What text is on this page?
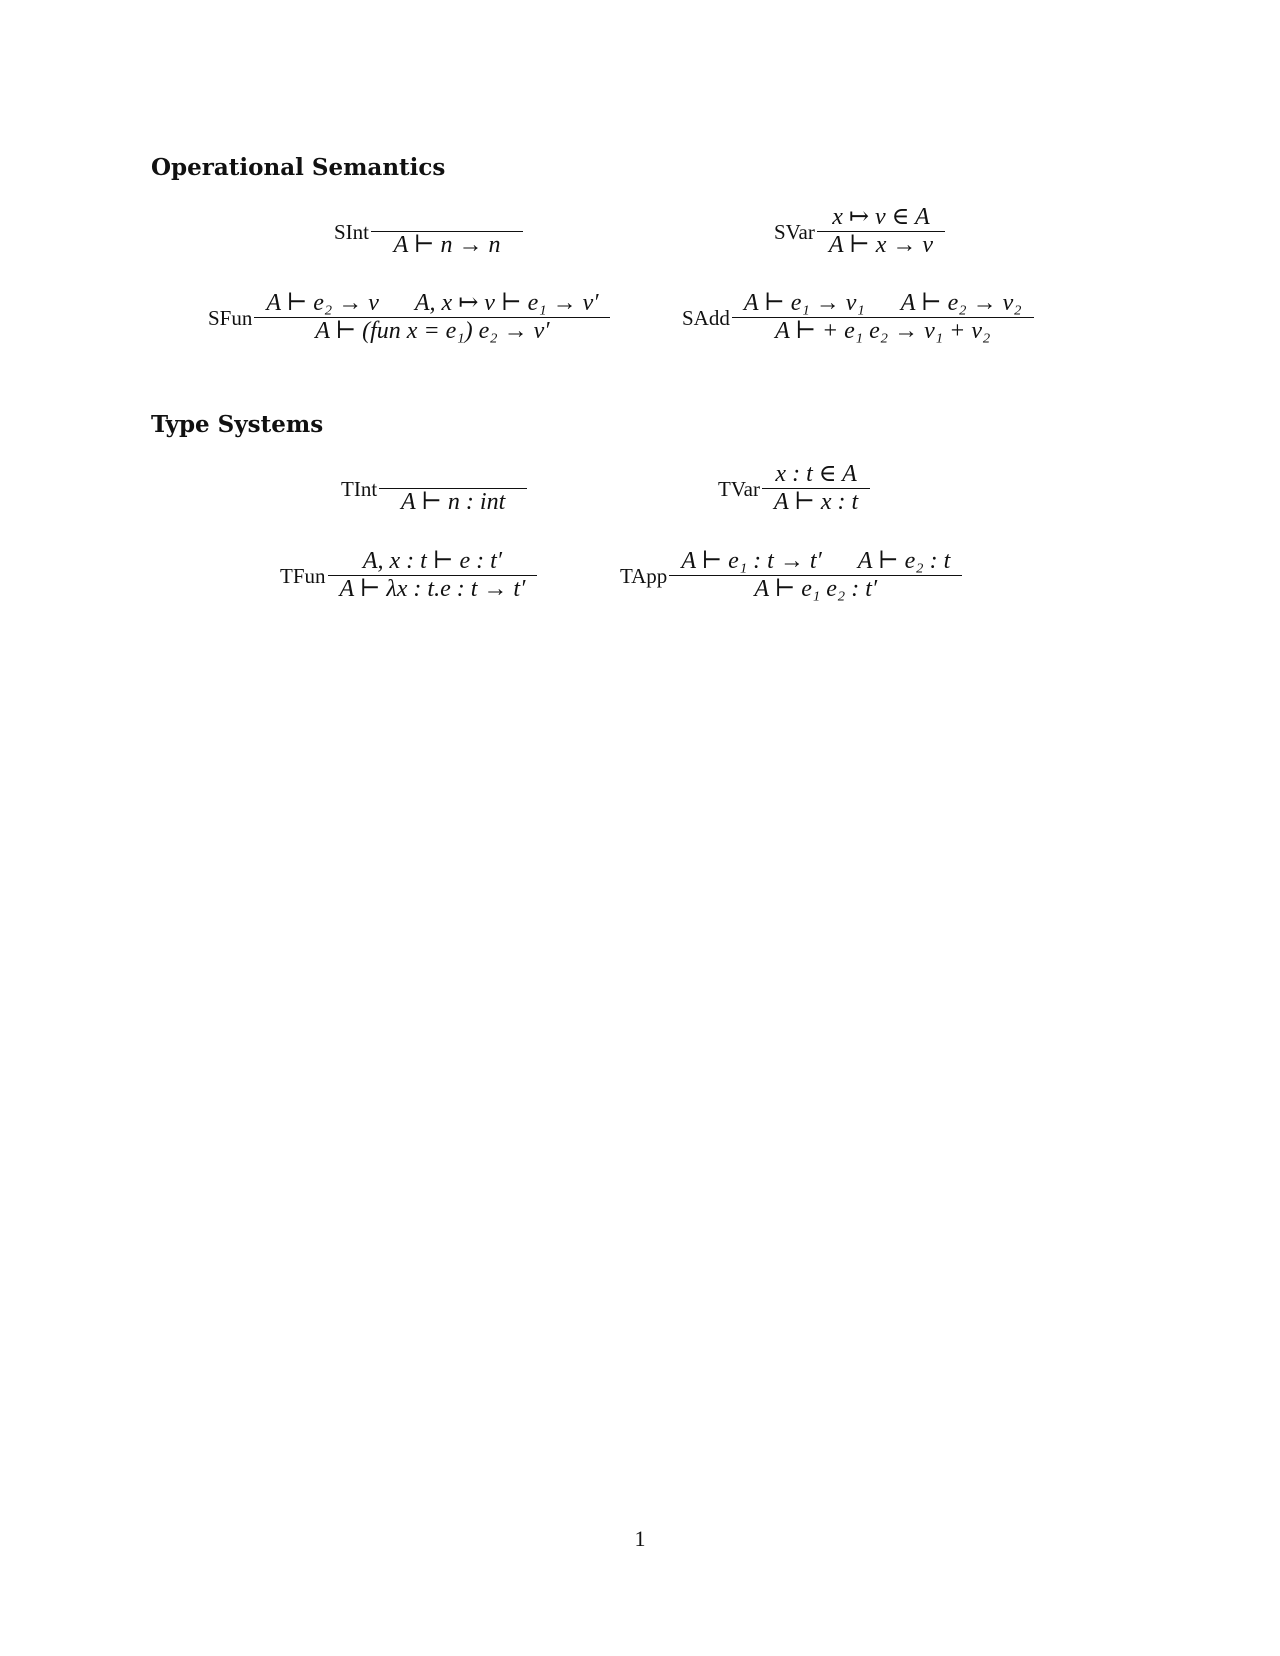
Operational Semantics
SInt
A ⊢ n → n
SVar $\frac{x ↦ v \in A}{A ⊢ x \to v}$
SFun $\frac{\text{A ⊢ e₂ → v A, x ↦ v ⊢ e₁ → v′}}{\text{A ⊢ (fun x = e₁) e₂ → v′}}$	SAdd $\frac{\text{A ⊢ e₁ → v₁ A ⊢ e₂ → v₂}}{\text{A ⊢ + e₁ e₂ → v₁ + v₂}}$
Type Systems
TInt
A ⊢ n : int
TVar $\frac{x : t \in A}{A ⊢ x : t}$
TFun $\frac{A, x : t ⊢ e : t'}{A ⊢ \lambda x : t.e : t \to t'}$	TApp $\frac{\text{A ⊢ e₁ : t → t′ A ⊢ e₂ : t}}{\text{A ⊢ e₁ e₂ : t′}}$
1
